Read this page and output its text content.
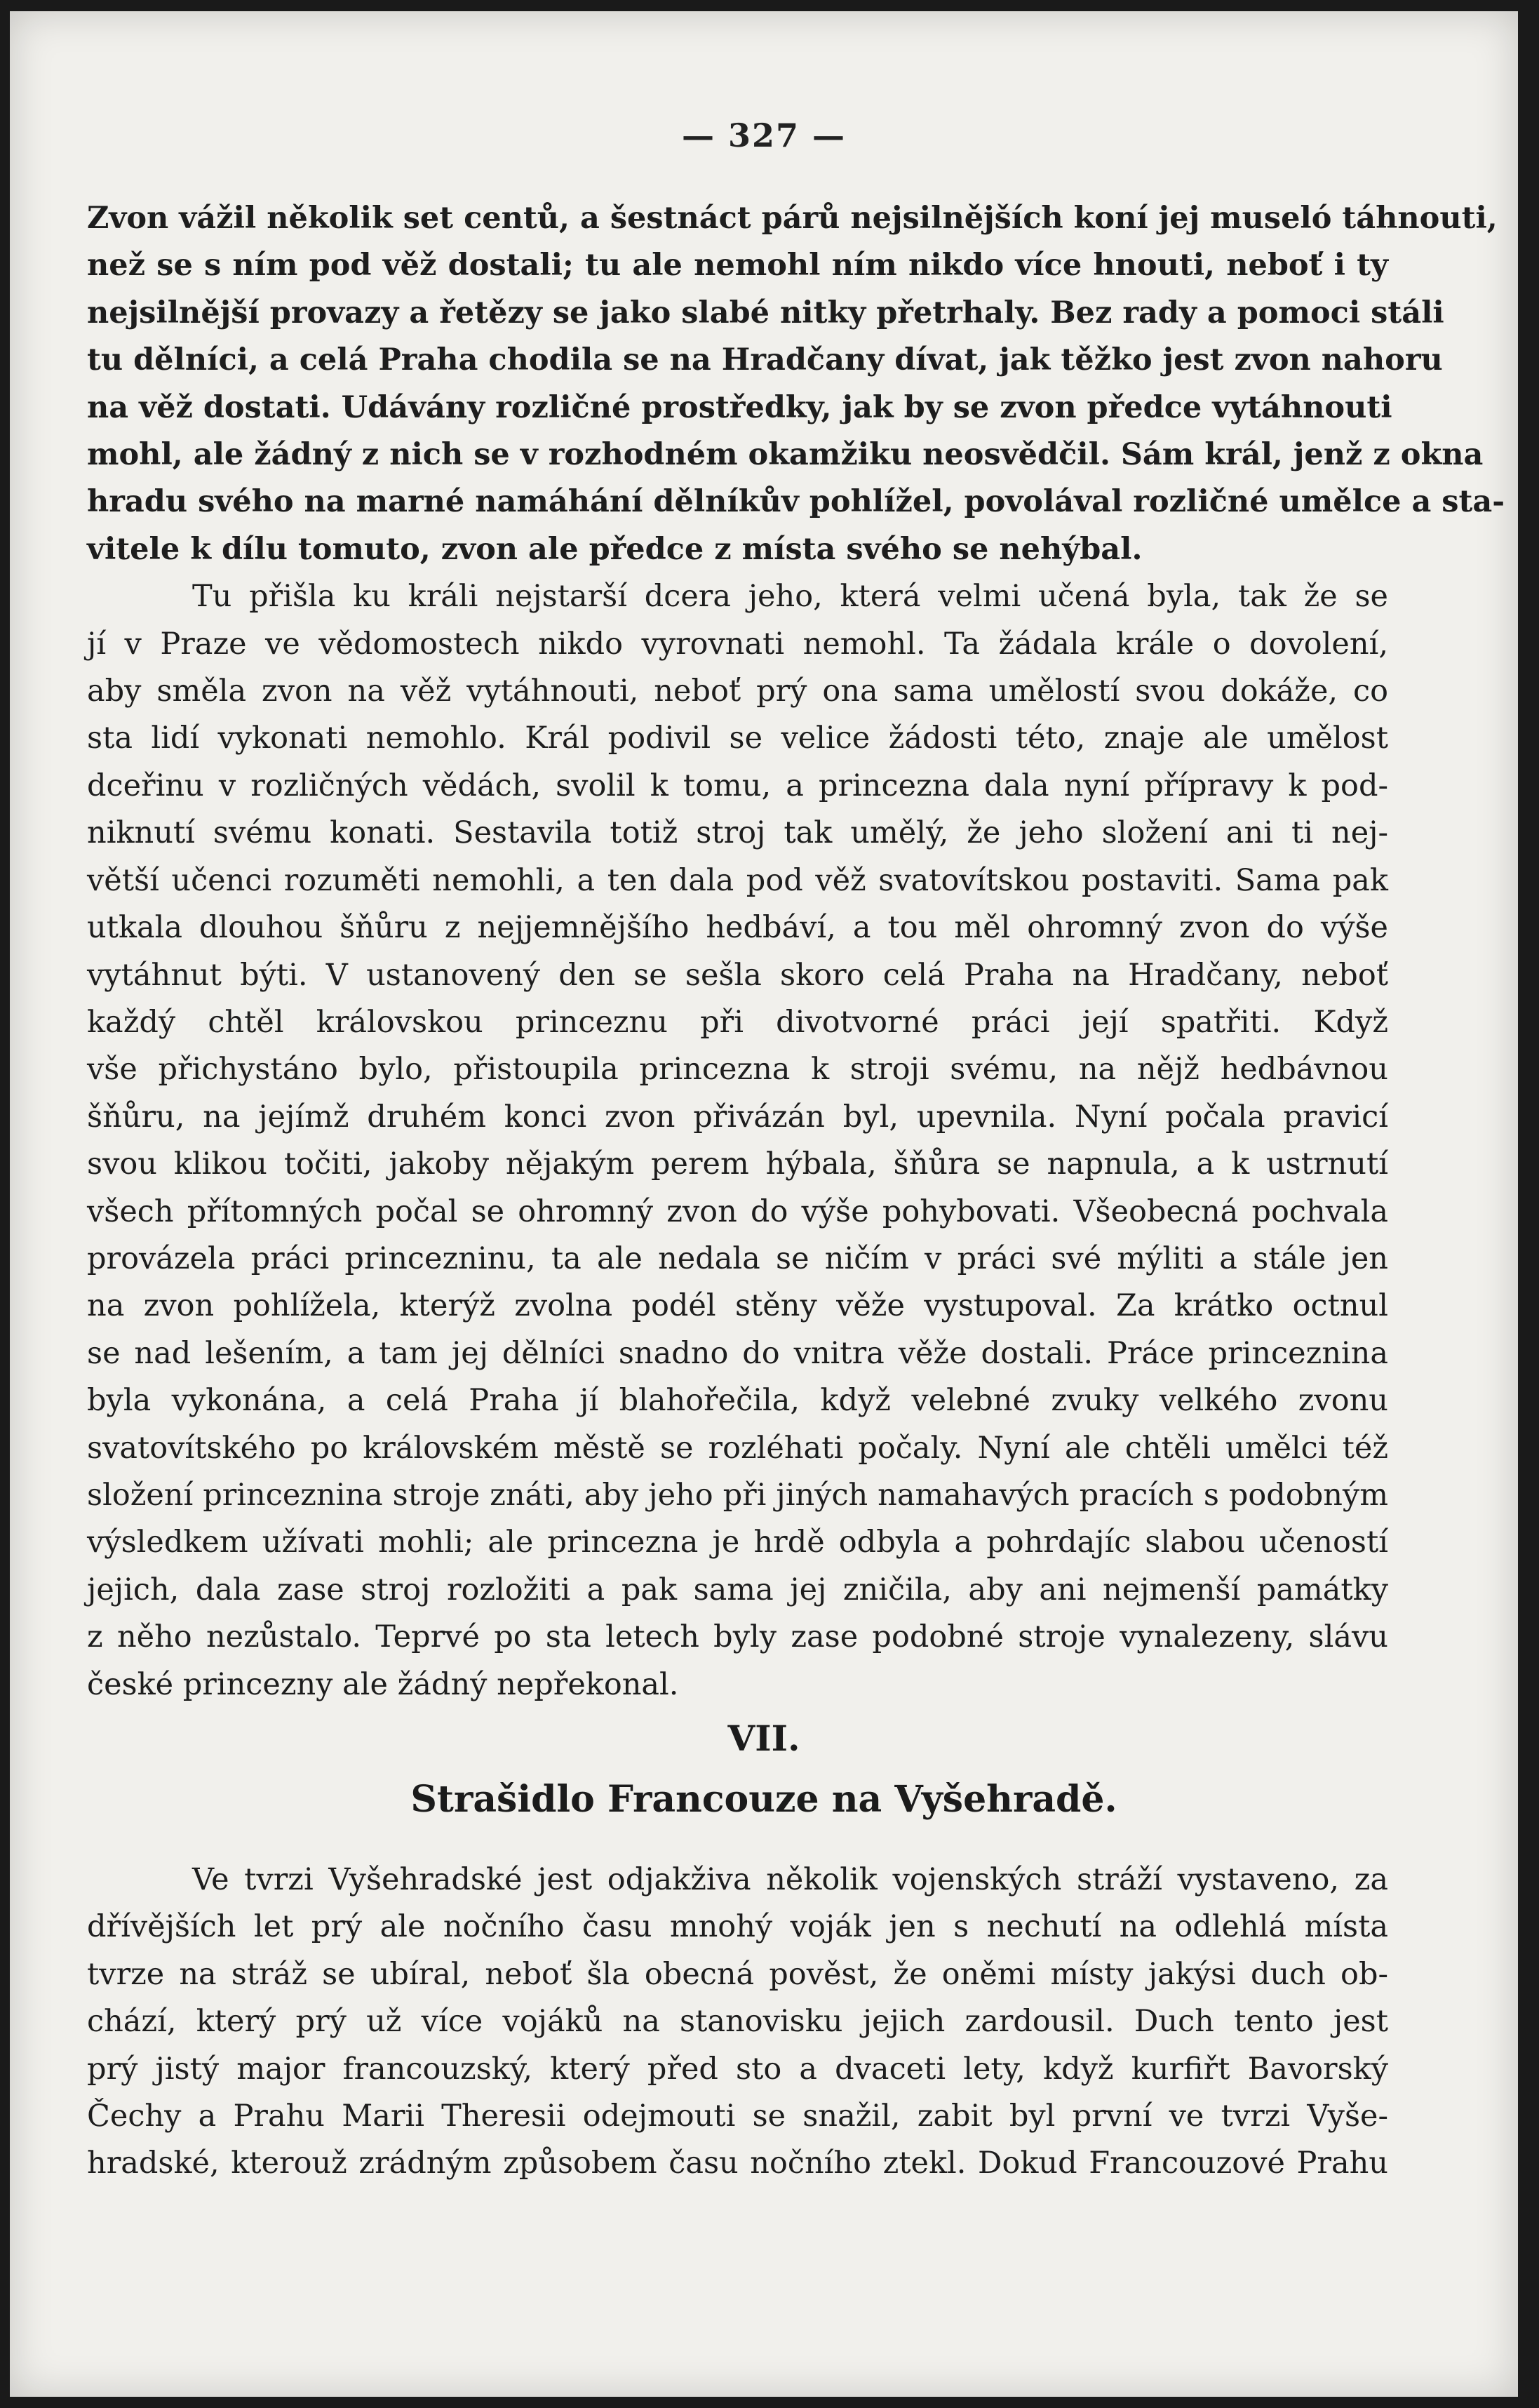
— 327 —

Zvon vážil několik set centů, a šestnáct párů nejsilnějších koní jej museló táhnouti,
než se s ním pod věž dostali; tu ale nemohl ním nikdo více hnouti, neboť i ty
nejsilnější provazy a řetězy se jako slabé nitky přetrhaly. Bez rady a pomoci stáli
tu dělníci, a celá Praha chodila se na Hradčany dívat, jak těžko jest zvon nahoru
na věž dostati. Udávány rozličné prostředky, jak by se zvon předce vytáhnouti
mohl, ale žádný z nich se v rozhodném okamžiku neosvědčil. Sám král, jenž z okna
hradu svého na marné namáhání dělníkův pohlížel, povolával rozličné umělce a sta-
vitele k dílu tomuto, zvon ale předce z místa svého se nehýbal.

Tu přišla ku králi nejstarší dcera jeho, která velmi učená byla, tak že se
jí v Praze ve vědomostech nikdo vyrovnati nemohl. Ta žádala krále o dovolení,
aby směla zvon na věž vytáhnouti, neboť prý ona sama umělostí svou dokáže, co
sta lidí vykonati nemohlo. Král podivil se velice žádosti této, znaje ale umělost
dceřinu v rozličných vědách, svolil k tomu, a princezna dala nyní přípravy k pod-
niknutí svému konati. Sestavila totiž stroj tak umělý, že jeho složení ani ti nej-
větší učenci rozuměti nemohli, a ten dala pod věž svatovítskou postaviti. Sama pak
utkala dlouhou šňůru z nejjemnějšího hedbáví, a tou měl ohromný zvon do výše
vytáhnut býti. V ustanovený den se sešla skoro celá Praha na Hradčany, neboť
každý chtěl královskou princeznu při divotvorné práci její spatřiti. Když
vše přichystáno bylo, přistoupila princezna k stroji svému, na nějž hedbávnou
šňůru, na jejímž druhém konci zvon přivázán byl, upevnila. Nyní počala pravicí
svou klikou točiti, jakoby nějakým perem hýbala, šňůra se napnula, a k ustrnutí
všech přítomných počal se ohromný zvon do výše pohybovati. Všeobecná pochvala
provázela práci princezninu, ta ale nedala se ničím v práci své mýliti a stále jen
na zvon pohlížela, kterýž zvolna podél stěny věže vystupoval. Za krátko octnul
se nad lešením, a tam jej dělníci snadno do vnitra věže dostali. Práce princeznina
byla vykonána, a celá Praha jí blahořečila, když velebné zvuky velkého zvonu
svatovítského po královském městě se rozléhati počaly. Nyní ale chtěli umělci též
složení princeznina stroje znáti, aby jeho při jiných namahavých pracích s podobným
výsledkem užívati mohli; ale princezna je hrdě odbyla a pohrdajíc slabou učeností
jejich, dala zase stroj rozložiti a pak sama jej zničila, aby ani nejmenší památky
z něho nezůstalo. Teprvé po sta letech byly zase podobné stroje vynalezeny, slávu
české princezny ale žádný nepřekonal.

VII.
Strašidlo Francouze na Vyšehradě.

Ve tvrzi Vyšehradské jest odjakživa několik vojenských stráží vystaveno, za
dřívějších let prý ale nočního času mnohý voják jen s nechutí na odlehlá místa
tvrze na stráž se ubíral, neboť šla obecná pověst, že oněmi místy jakýsi duch ob-
chází, který prý už více vojáků na stanovisku jejich zardousil. Duch tento jest
prý jistý major francouzský, který před sto a dvaceti lety, když kurfiřt Bavorský
Čechy a Prahu Marii Theresii odejmouti se snažil, zabit byl první ve tvrzi Vyše-
hradské, kterouž zrádným způsobem času nočního ztekl. Dokud Francouzové Prahu
